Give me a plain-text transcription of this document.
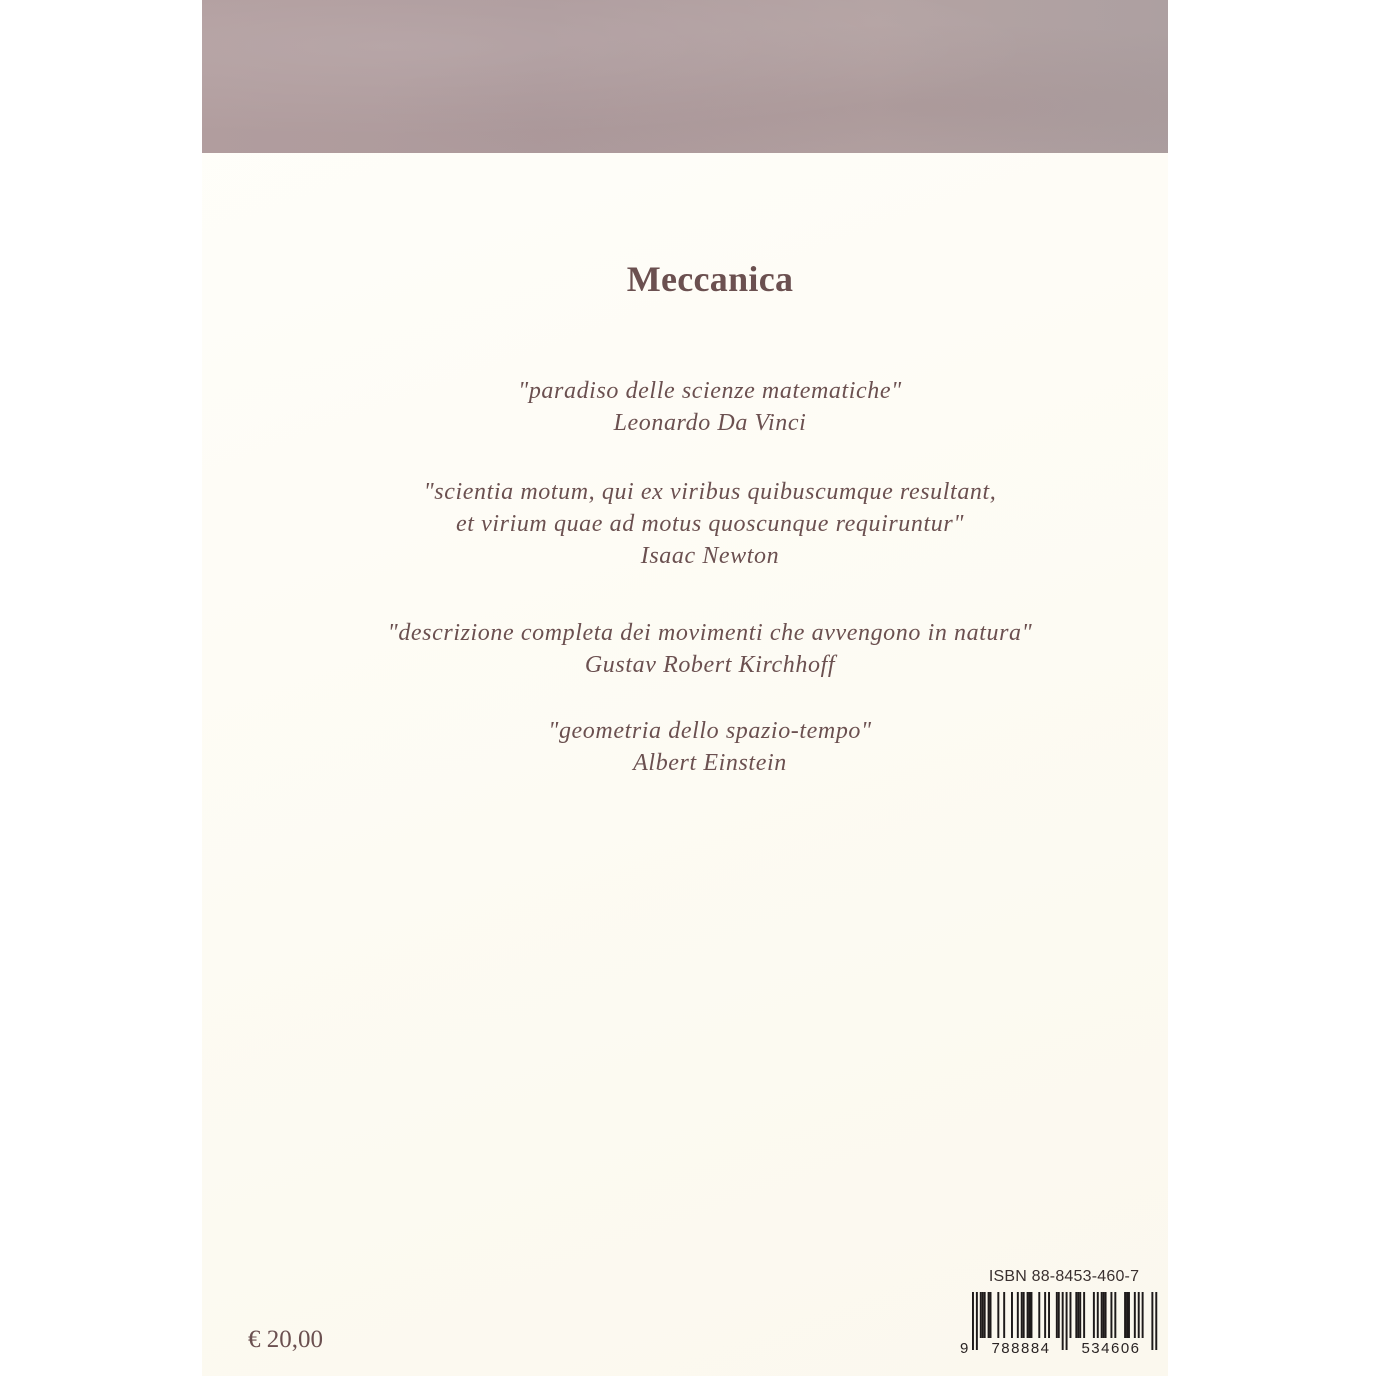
Meccanica
"paradiso delle scienze matematiche"
Leonardo Da Vinci
"scientia motum, qui ex viribus quibuscumque resultant,
et virium quae ad motus quoscunque requiruntur"
Isaac Newton
"descrizione completa dei movimenti che avvengono in natura"
Gustav Robert Kirchhoff
"geometria dello spazio-tempo"
Albert Einstein
€ 20,00
ISBN 88-8453-460-7
9 788884 534606
